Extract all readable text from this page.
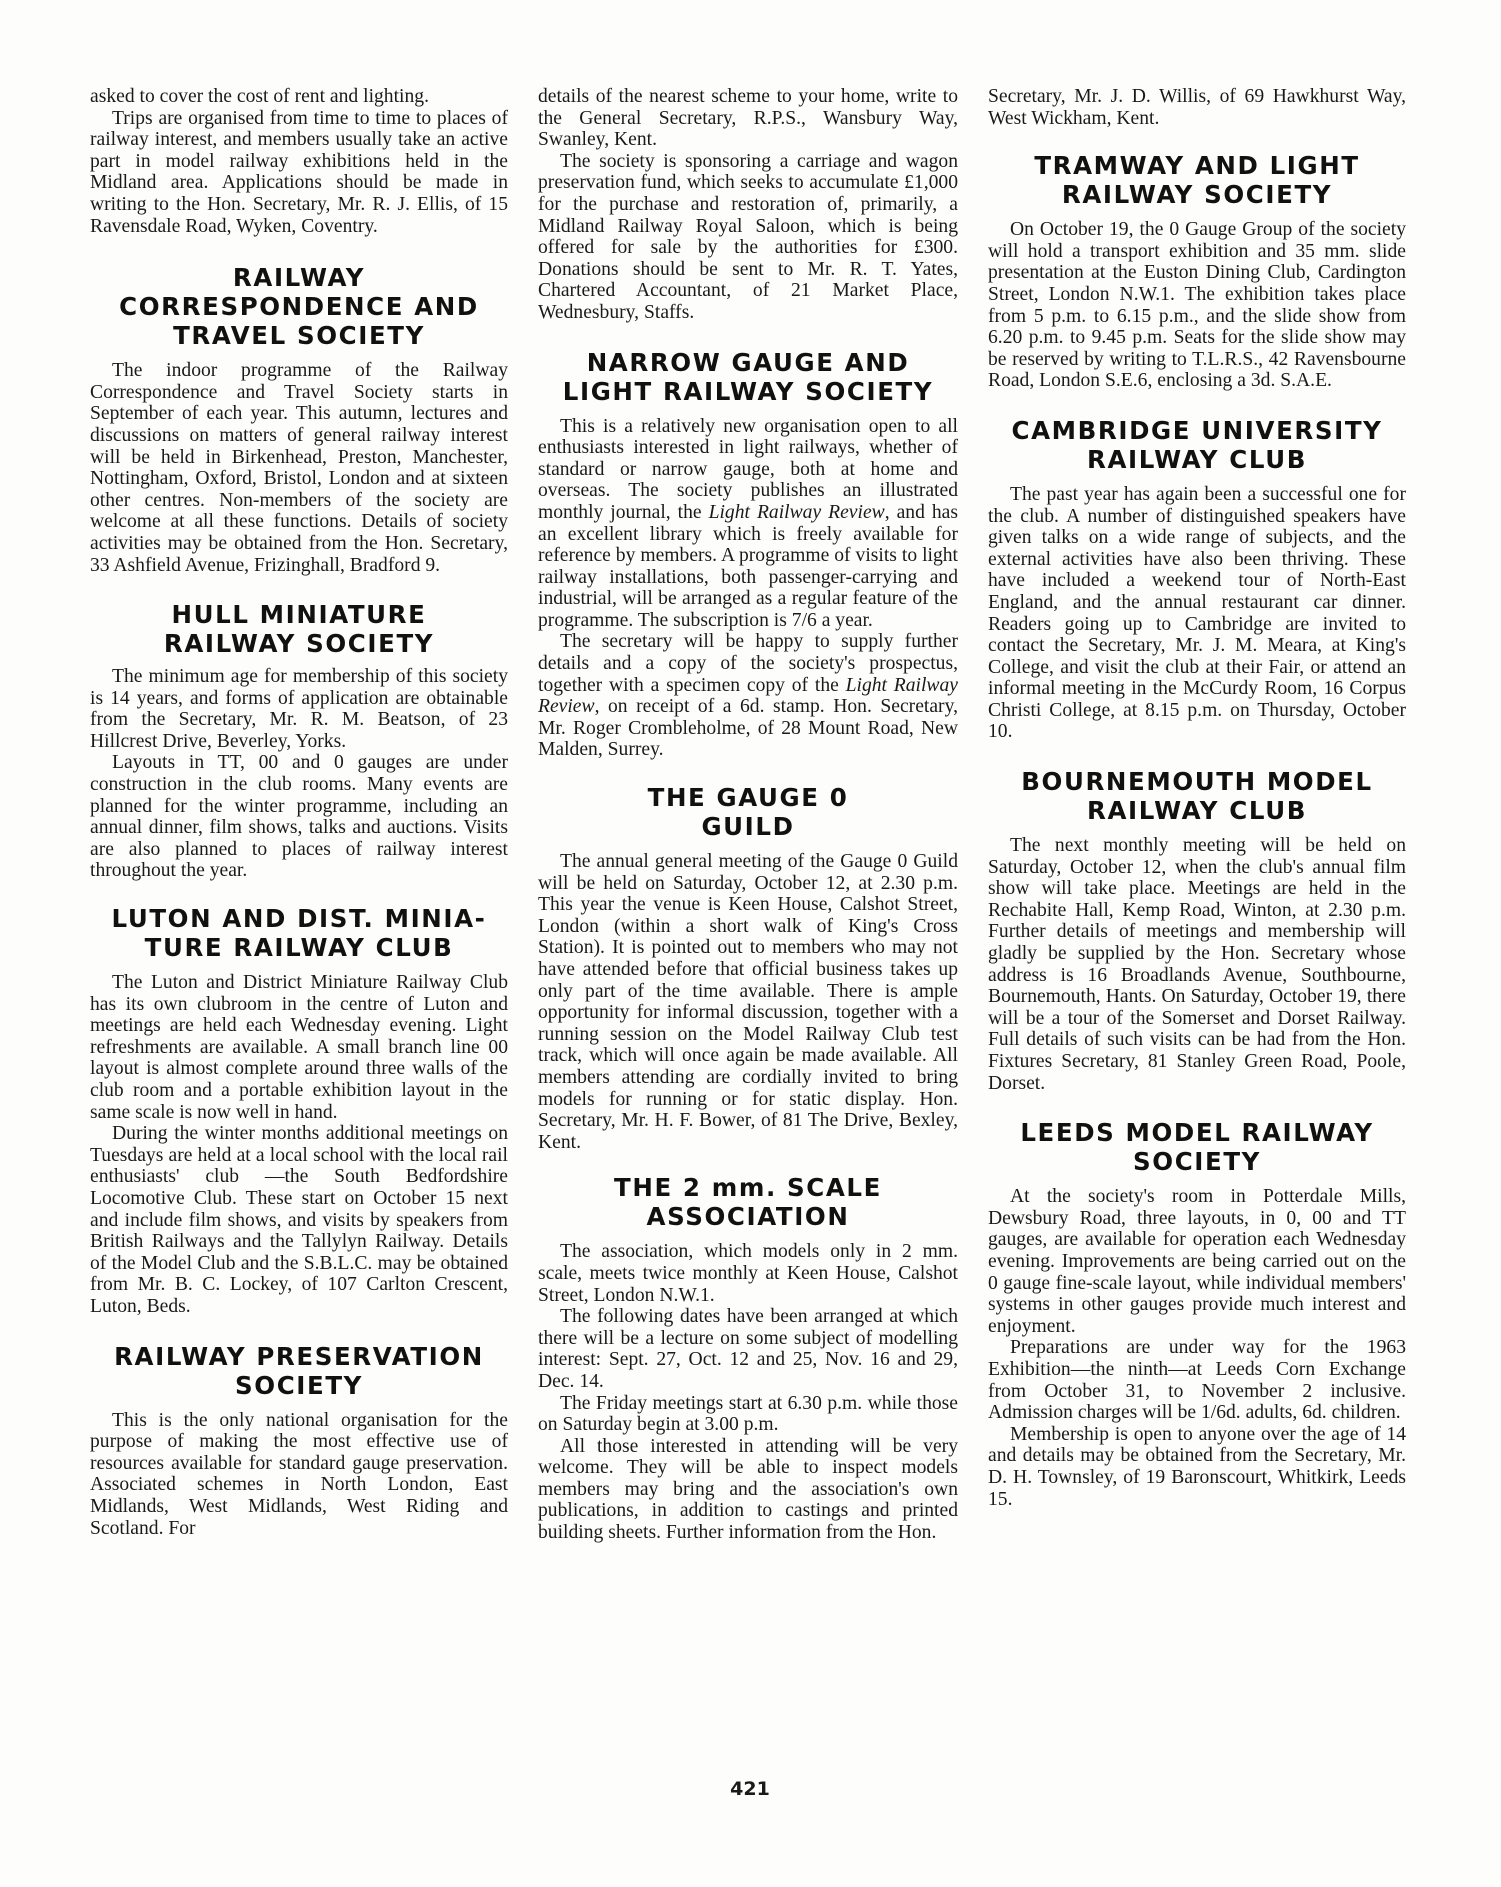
asked to cover the cost of rent and lighting.

Trips are organised from time to time to places of railway interest, and members usually take an active part in model railway exhibitions held in the Midland area. Applications should be made in writing to the Hon. Secretary, Mr. R. J. Ellis, of 15 Ravensdale Road, Wyken, Coventry.

RAILWAY
CORRESPONDENCE AND
TRAVEL SOCIETY

The indoor programme of the Railway Correspondence and Travel Society starts in September of each year. This autumn, lectures and discussions on matters of general railway interest will be held in Birkenhead, Preston, Manchester, Nottingham, Oxford, Bristol, London and at sixteen other centres. Non-members of the society are welcome at all these functions. Details of society activities may be obtained from the Hon. Secretary, 33 Ashfield Avenue, Frizinghall, Bradford 9.

HULL MINIATURE
RAILWAY SOCIETY

The minimum age for membership of this society is 14 years, and forms of application are obtainable from the Secretary, Mr. R. M. Beatson, of 23 Hillcrest Drive, Beverley, Yorks.

Layouts in TT, 00 and 0 gauges are under construction in the club rooms. Many events are planned for the winter programme, including an annual dinner, film shows, talks and auctions. Visits are also planned to places of railway interest throughout the year.

LUTON AND DIST. MINIA-
TURE RAILWAY CLUB

The Luton and District Miniature Railway Club has its own clubroom in the centre of Luton and meetings are held each Wednesday evening. Light refreshments are available. A small branch line 00 layout is almost complete around three walls of the club room and a portable exhibition layout in the same scale is now well in hand.

During the winter months additional meetings on Tuesdays are held at a local school with the local rail enthusiasts' club —the South Bedfordshire Locomotive Club. These start on October 15 next and include film shows, and visits by speakers from British Railways and the Tallylyn Railway. Details of the Model Club and the S.B.L.C. may be obtained from Mr. B. C. Lockey, of 107 Carlton Crescent, Luton, Beds.

RAILWAY PRESERVATION
SOCIETY

This is the only national organisation for the purpose of making the most effective use of resources available for standard gauge preservation. Associated schemes in North London, East Midlands, West Midlands, West Riding and Scotland. For

details of the nearest scheme to your home, write to the General Secretary, R.P.S., Wansbury Way, Swanley, Kent.

The society is sponsoring a carriage and wagon preservation fund, which seeks to accumulate £1,000 for the purchase and restoration of, primarily, a Midland Railway Royal Saloon, which is being offered for sale by the authorities for £300. Donations should be sent to Mr. R. T. Yates, Chartered Accountant, of 21 Market Place, Wednesbury, Staffs.

NARROW GAUGE AND
LIGHT RAILWAY SOCIETY

This is a relatively new organisation open to all enthusiasts interested in light railways, whether of standard or narrow gauge, both at home and overseas. The society publishes an illustrated monthly journal, the Light Railway Review, and has an excellent library which is freely available for reference by members. A programme of visits to light railway installations, both passenger-carrying and industrial, will be arranged as a regular feature of the programme. The subscription is 7/6 a year.

The secretary will be happy to supply further details and a copy of the society's prospectus, together with a specimen copy of the Light Railway Review, on receipt of a 6d. stamp. Hon. Secretary, Mr. Roger Crombleholme, of 28 Mount Road, New Malden, Surrey.

THE GAUGE 0
GUILD

The annual general meeting of the Gauge 0 Guild will be held on Saturday, October 12, at 2.30 p.m. This year the venue is Keen House, Calshot Street, London (within a short walk of King's Cross Station). It is pointed out to members who may not have attended before that official business takes up only part of the time available. There is ample opportunity for informal discussion, together with a running session on the Model Railway Club test track, which will once again be made available. All members attending are cordially invited to bring models for running or for static display. Hon. Secretary, Mr. H. F. Bower, of 81 The Drive, Bexley, Kent.

THE 2 mm. SCALE
ASSOCIATION

The association, which models only in 2 mm. scale, meets twice monthly at Keen House, Calshot Street, London N.W.1.

The following dates have been arranged at which there will be a lecture on some subject of modelling interest: Sept. 27, Oct. 12 and 25, Nov. 16 and 29, Dec. 14.

The Friday meetings start at 6.30 p.m. while those on Saturday begin at 3.00 p.m.

All those interested in attending will be very welcome. They will be able to inspect models members may bring and the association's own publications, in addition to castings and printed building sheets. Further information from the Hon.

Secretary, Mr. J. D. Willis, of 69 Hawkhurst Way, West Wickham, Kent.

TRAMWAY AND LIGHT
RAILWAY SOCIETY

On October 19, the 0 Gauge Group of the society will hold a transport exhibition and 35 mm. slide presentation at the Euston Dining Club, Cardington Street, London N.W.1. The exhibition takes place from 5 p.m. to 6.15 p.m., and the slide show from 6.20 p.m. to 9.45 p.m. Seats for the slide show may be reserved by writing to T.L.R.S., 42 Ravensbourne Road, London S.E.6, enclosing a 3d. S.A.E.

CAMBRIDGE UNIVERSITY
RAILWAY CLUB

The past year has again been a successful one for the club. A number of distinguished speakers have given talks on a wide range of subjects, and the external activities have also been thriving. These have included a weekend tour of North-East England, and the annual restaurant car dinner. Readers going up to Cambridge are invited to contact the Secretary, Mr. J. M. Meara, at King's College, and visit the club at their Fair, or attend an informal meeting in the McCurdy Room, 16 Corpus Christi College, at 8.15 p.m. on Thursday, October 10.

BOURNEMOUTH MODEL
RAILWAY CLUB

The next monthly meeting will be held on Saturday, October 12, when the club's annual film show will take place. Meetings are held in the Rechabite Hall, Kemp Road, Winton, at 2.30 p.m. Further details of meetings and membership will gladly be supplied by the Hon. Secretary whose address is 16 Broadlands Avenue, Southbourne, Bournemouth, Hants. On Saturday, October 19, there will be a tour of the Somerset and Dorset Railway. Full details of such visits can be had from the Hon. Fixtures Secretary, 81 Stanley Green Road, Poole, Dorset.

LEEDS MODEL RAILWAY
SOCIETY

At the society's room in Potterdale Mills, Dewsbury Road, three layouts, in 0, 00 and TT gauges, are available for operation each Wednesday evening. Improvements are being carried out on the 0 gauge fine-scale layout, while individual members' systems in other gauges provide much interest and enjoyment.

Preparations are under way for the 1963 Exhibition—the ninth—at Leeds Corn Exchange from October 31, to November 2 inclusive. Admission charges will be 1/6d. adults, 6d. children.

Membership is open to anyone over the age of 14 and details may be obtained from the Secretary, Mr. D. H. Townsley, of 19 Baronscourt, Whitkirk, Leeds 15.

421
